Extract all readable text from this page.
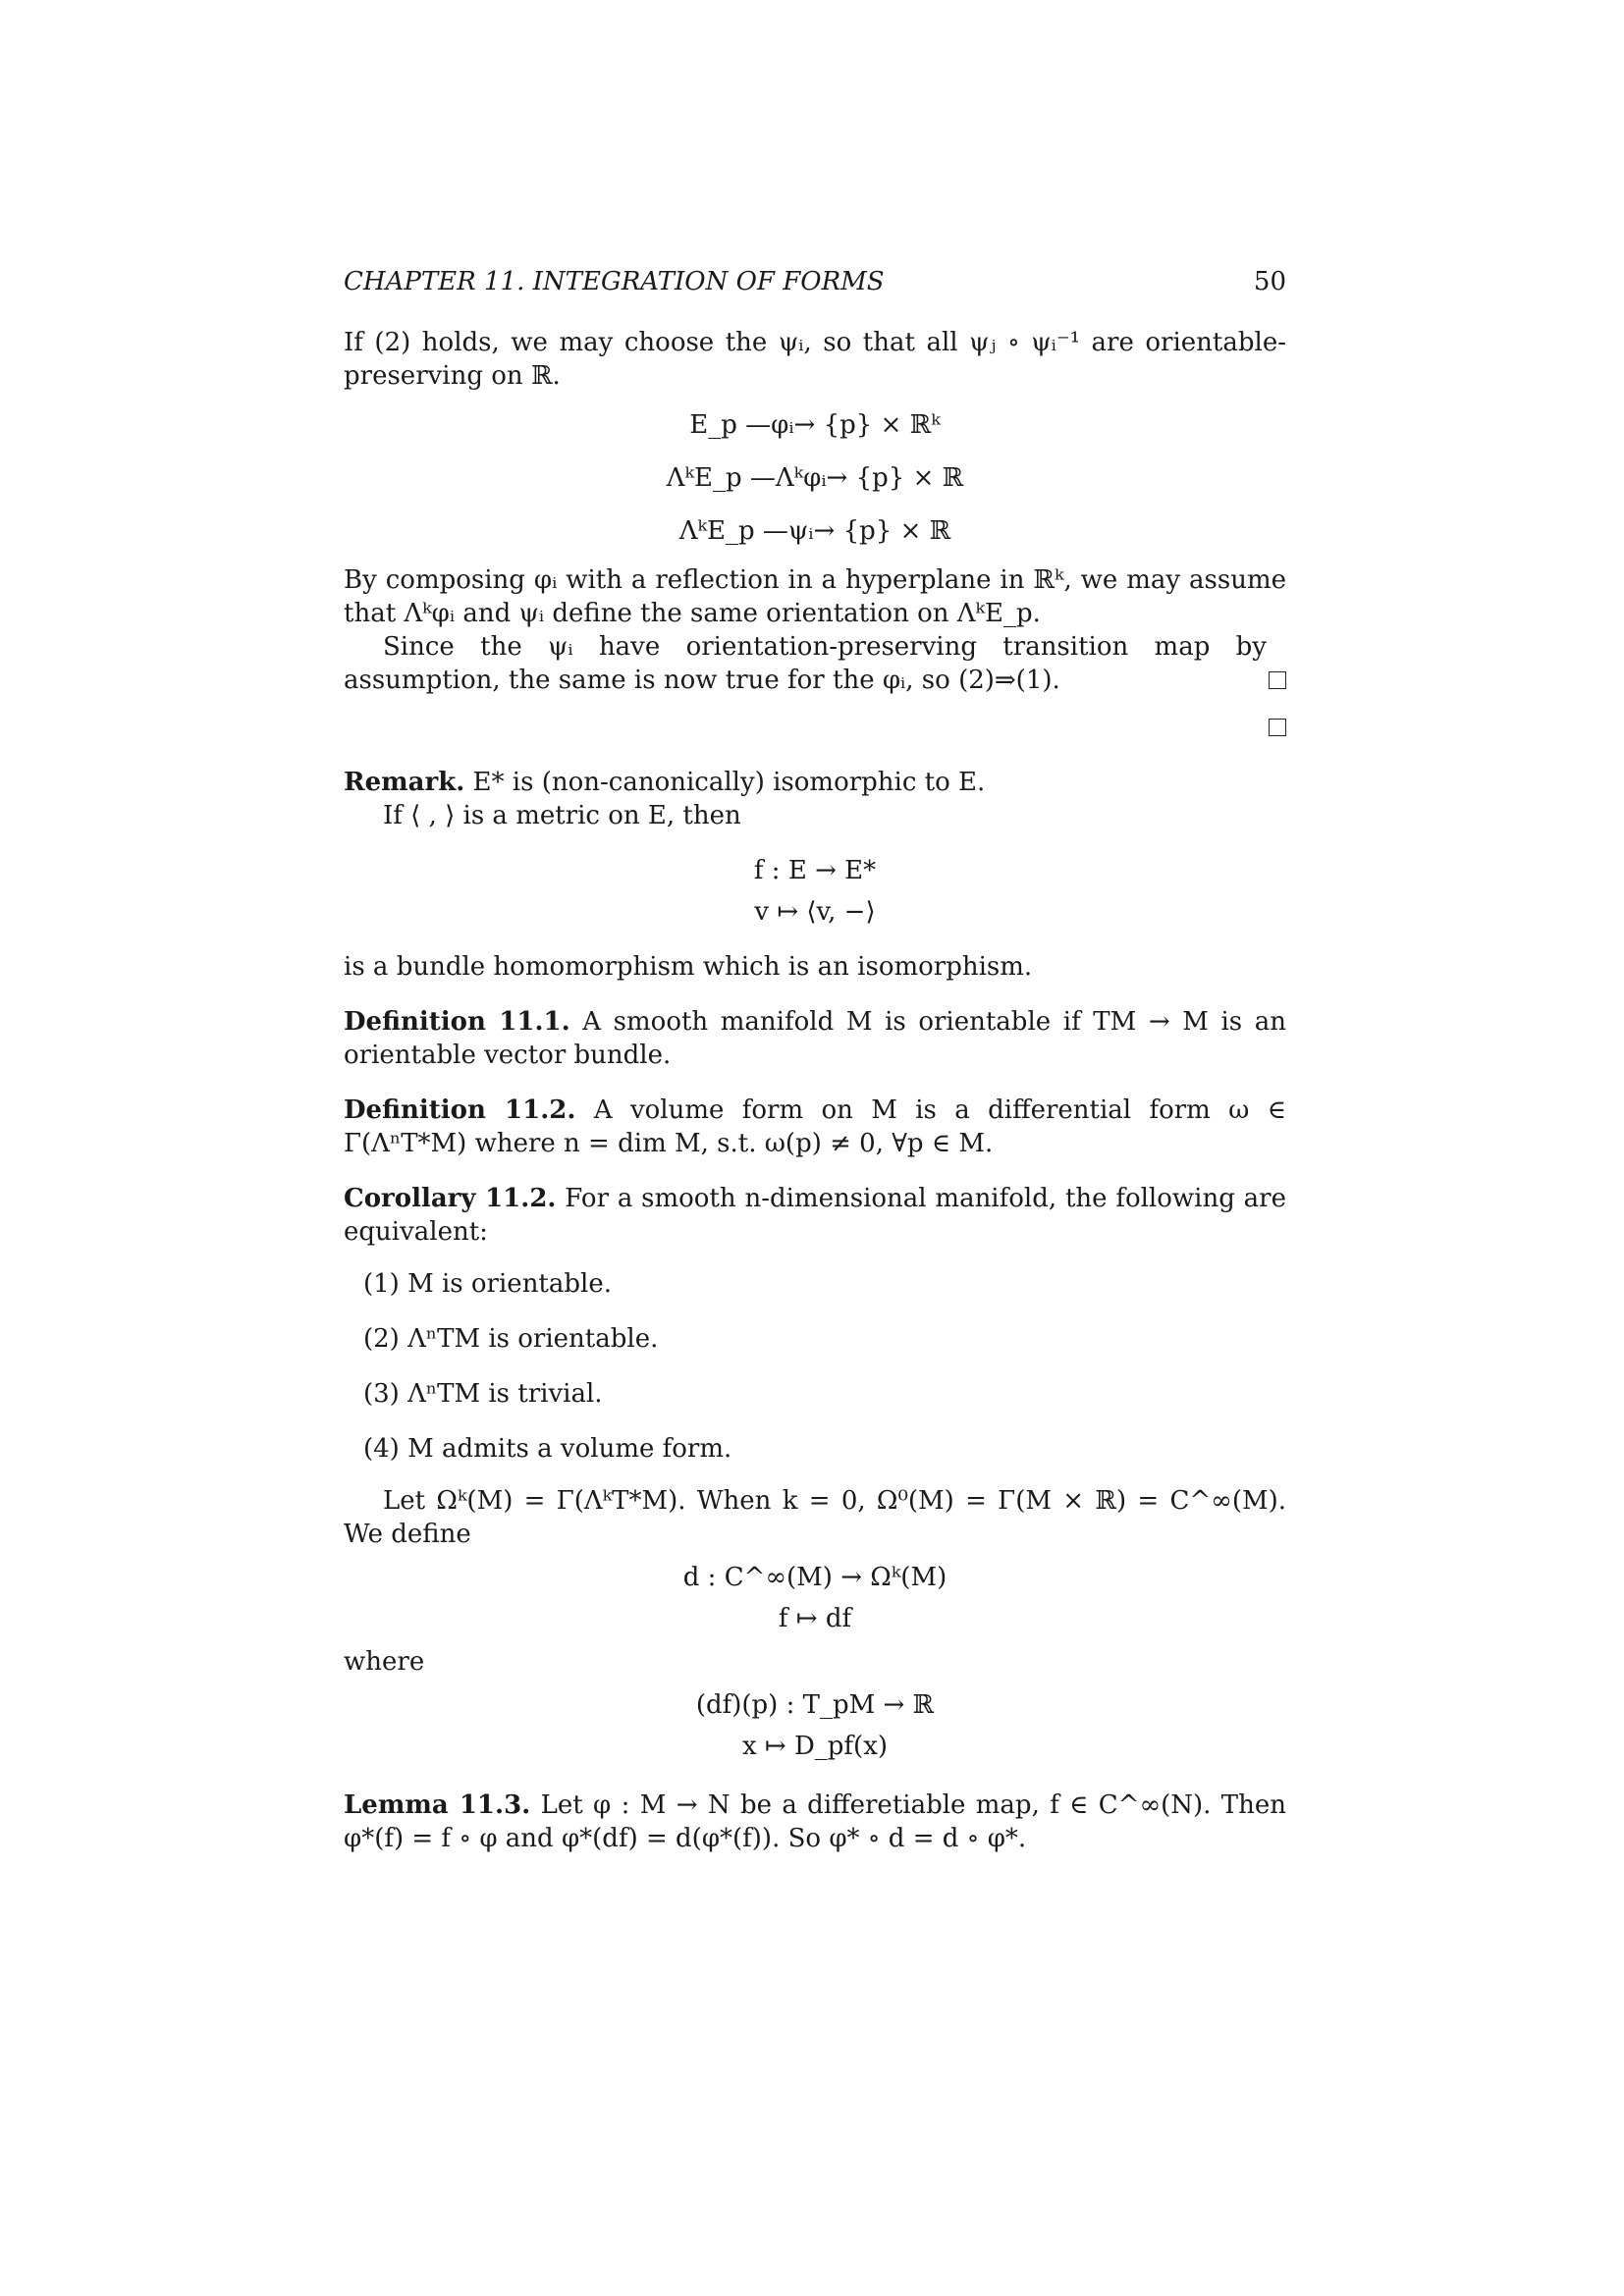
CHAPTER 11. INTEGRATION OF FORMS	50

If (2) holds, we may choose the ψᵢ, so that all ψⱼ ∘ ψᵢ⁻¹ are orientable-preserving on ℝ.

E_p —φᵢ→ {p} × ℝᵏ
ΛᵏE_p —Λᵏφᵢ→ {p} × ℝ
ΛᵏE_p —ψᵢ→ {p} × ℝ

By composing φᵢ with a reflection in a hyperplane in ℝᵏ, we may assume that Λᵏφᵢ and ψᵢ define the same orientation on ΛᵏE_p.

Since the ψᵢ have orientation-preserving transition map by assumption, the same is now true for the φᵢ, so (2)⇒(1).

Remark. E* is (non-canonically) isomorphic to E.

If ⟨ , ⟩ is a metric on E, then

f : E → E*
v ↦ ⟨v, −⟩

is a bundle homomorphism which is an isomorphism.

Definition 11.1. A smooth manifold M is orientable if TM → M is an orientable vector bundle.

Definition 11.2. A volume form on M is a differential form ω ∈ Γ(ΛⁿT*M) where n = dim M, s.t. ω(p) ≠ 0, ∀p ∈ M.

Corollary 11.2. For a smooth n-dimensional manifold, the following are equivalent:

(1) M is orientable.
(2) ΛⁿTM is orientable.
(3) ΛⁿTM is trivial.
(4) M admits a volume form.

Let Ωᵏ(M) = Γ(ΛᵏT*M). When k = 0, Ω⁰(M) = Γ(M × ℝ) = C^∞(M). We define

d : C^∞(M) → Ωᵏ(M)
f ↦ df

where

(df)(p) : T_pM → ℝ
x ↦ D_pf(x)

Lemma 11.3. Let φ : M → N be a differetiable map, f ∈ C^∞(N). Then φ*(f) = f ∘ φ and φ*(df) = d(φ*(f)). So φ* ∘ d = d ∘ φ*.
